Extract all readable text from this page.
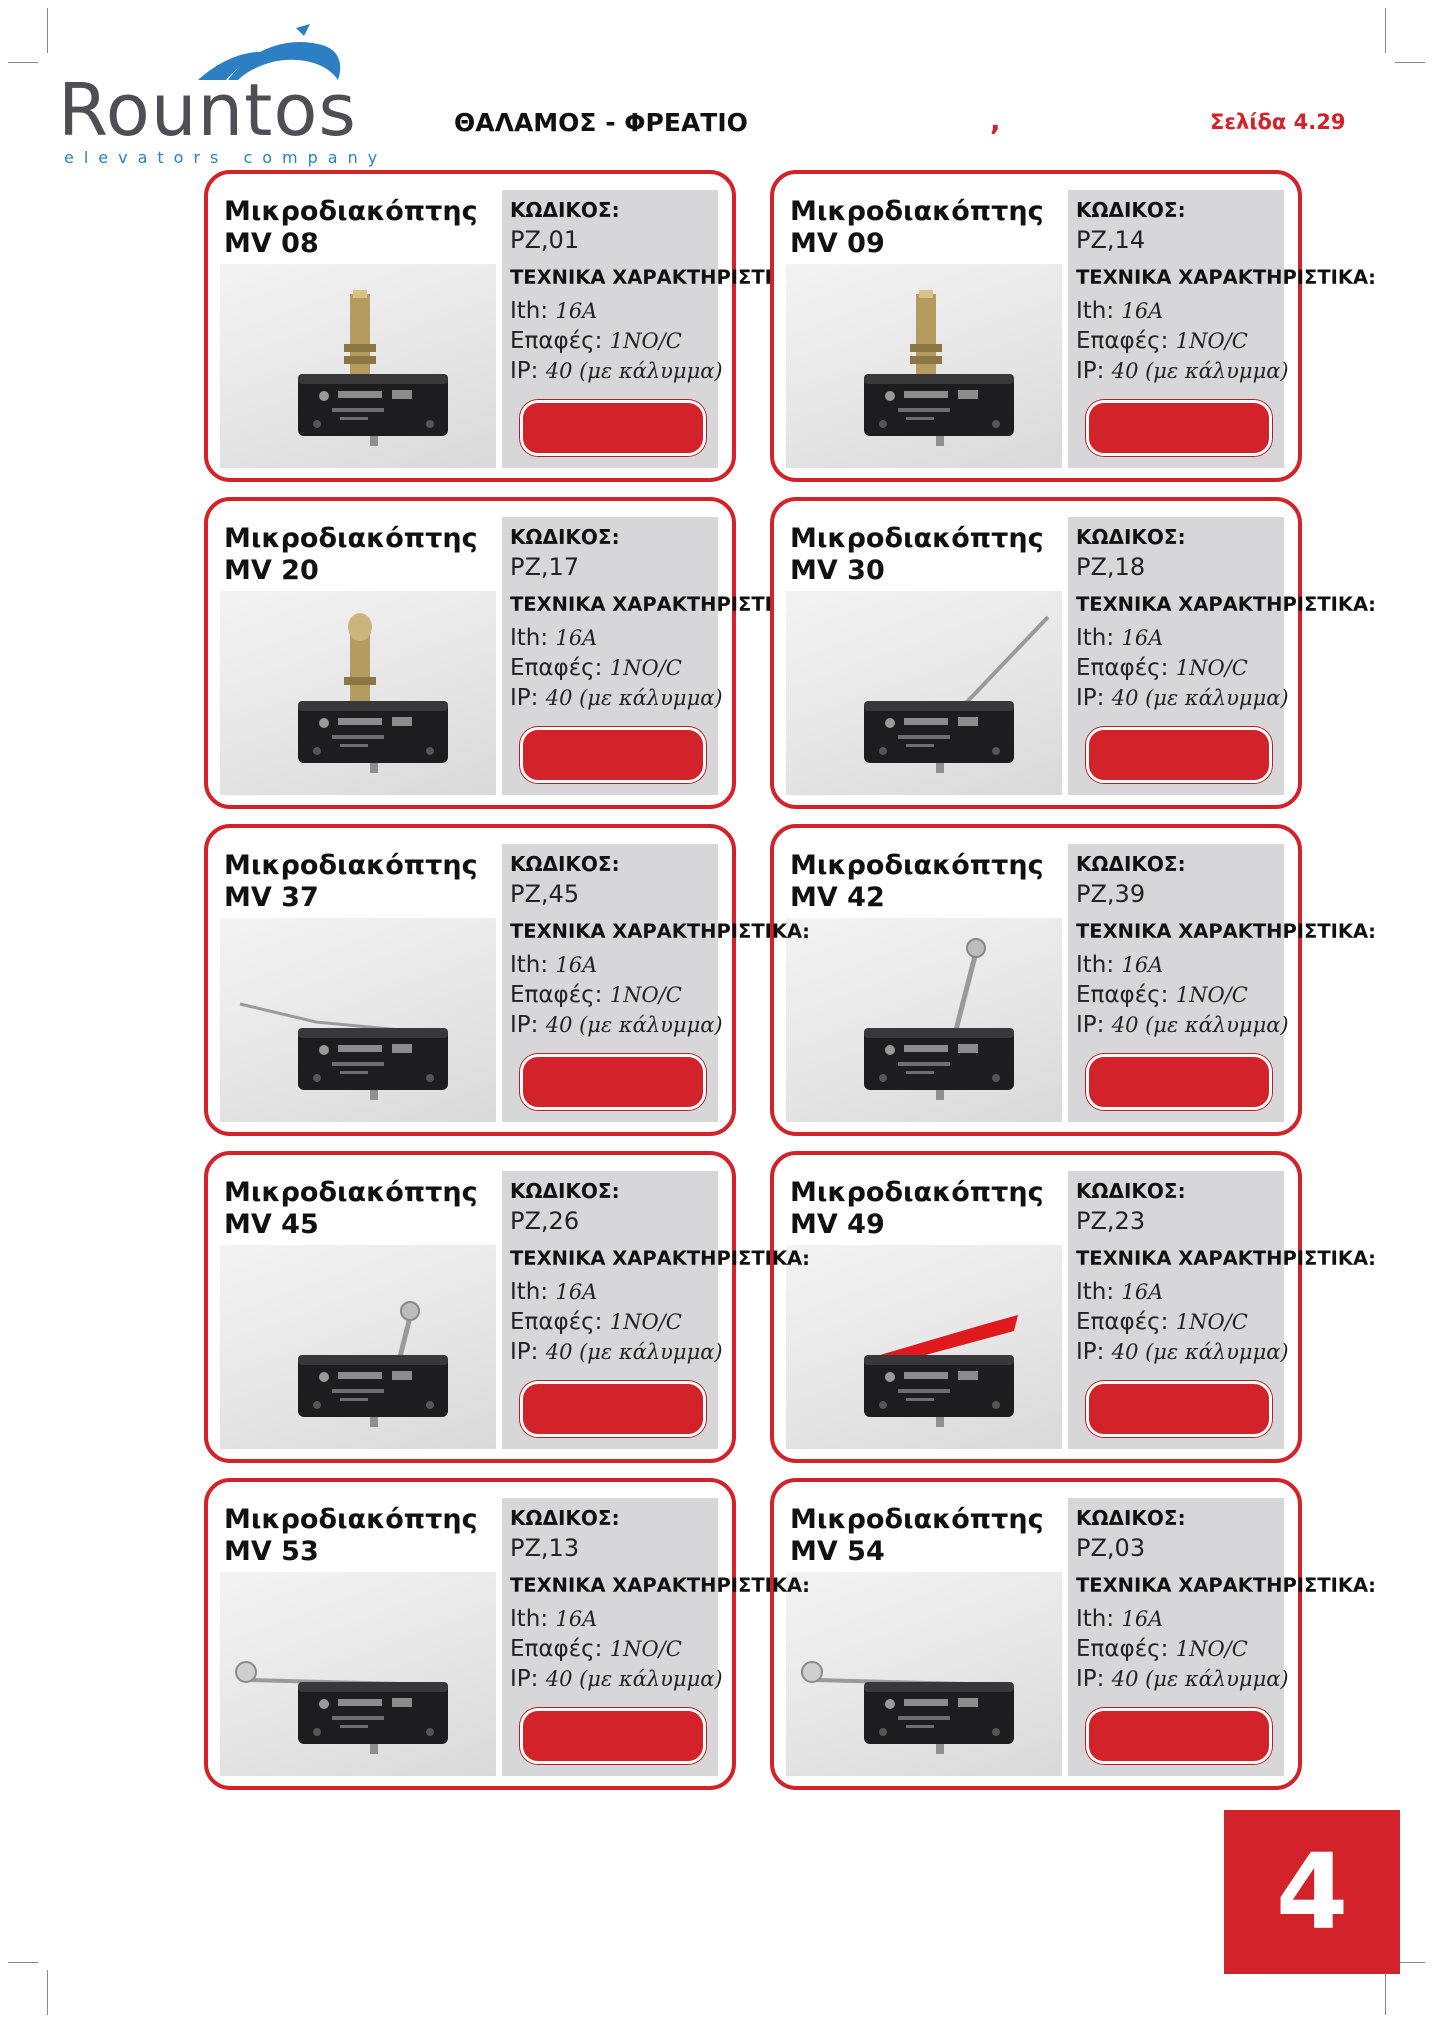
Rountos
elevators company
ΘΑΛΑΜΟΣ - ΦΡΕΑΤΙΟ	,	Σελίδα 4.29
Μικροδιακόπτης
MV 08
ΚΩΔΙΚΟΣ:
PZ,01
ΤΕΧΝΙΚΑ ΧΑΡΑΚΤΗΡΙΣΤΙ
Ith: 16A
Επαφές: 1NO/C
IP: 40 (με κάλυμμα)
Μικροδιακόπτης
MV 09
ΚΩΔΙΚΟΣ:
PZ,14
ΤΕΧΝΙΚΑ ΧΑΡΑΚΤΗΡΙΣΤΙΚΑ:
Ith: 16A
Επαφές: 1NO/C
IP: 40 (με κάλυμμα)
Μικροδιακόπτης
MV 20
ΚΩΔΙΚΟΣ:
PZ,17
ΤΕΧΝΙΚΑ ΧΑΡΑΚΤΗΡΙΣΤΙ
Ith: 16A
Επαφές: 1NO/C
IP: 40 (με κάλυμμα)
Μικροδιακόπτης
MV 30
ΚΩΔΙΚΟΣ:
PZ,18
ΤΕΧΝΙΚΑ ΧΑΡΑΚΤΗΡΙΣΤΙΚΑ:
Ith: 16A
Επαφές: 1NO/C
IP: 40 (με κάλυμμα)
Μικροδιακόπτης
MV 37
ΚΩΔΙΚΟΣ:
PZ,45
ΤΕΧΝΙΚΑ ΧΑΡΑΚΤΗΡΙΣΤΙΚΑ:
Ith: 16A
Επαφές: 1NO/C
IP: 40 (με κάλυμμα)
Μικροδιακόπτης
MV 42
ΚΩΔΙΚΟΣ:
PZ,39
ΤΕΧΝΙΚΑ ΧΑΡΑΚΤΗΡΙΣΤΙΚΑ:
Ith: 16A
Επαφές: 1NO/C
IP: 40 (με κάλυμμα)
Μικροδιακόπτης
MV 45
ΚΩΔΙΚΟΣ:
PZ,26
ΤΕΧΝΙΚΑ ΧΑΡΑΚΤΗΡΙΣΤΙΚΑ:
Ith: 16A
Επαφές: 1NO/C
IP: 40 (με κάλυμμα)
Μικροδιακόπτης
MV 49
ΚΩΔΙΚΟΣ:
PZ,23
ΤΕΧΝΙΚΑ ΧΑΡΑΚΤΗΡΙΣΤΙΚΑ:
Ith: 16A
Επαφές: 1NO/C
IP: 40 (με κάλυμμα)
Μικροδιακόπτης
MV 53
ΚΩΔΙΚΟΣ:
PZ,13
ΤΕΧΝΙΚΑ ΧΑΡΑΚΤΗΡΙΣΤΙΚΑ:
Ith: 16A
Επαφές: 1NO/C
IP: 40 (με κάλυμμα)
Μικροδιακόπτης
MV 54
ΚΩΔΙΚΟΣ:
PZ,03
ΤΕΧΝΙΚΑ ΧΑΡΑΚΤΗΡΙΣΤΙΚΑ:
Ith: 16A
Επαφές: 1NO/C
IP: 40 (με κάλυμμα)
4
